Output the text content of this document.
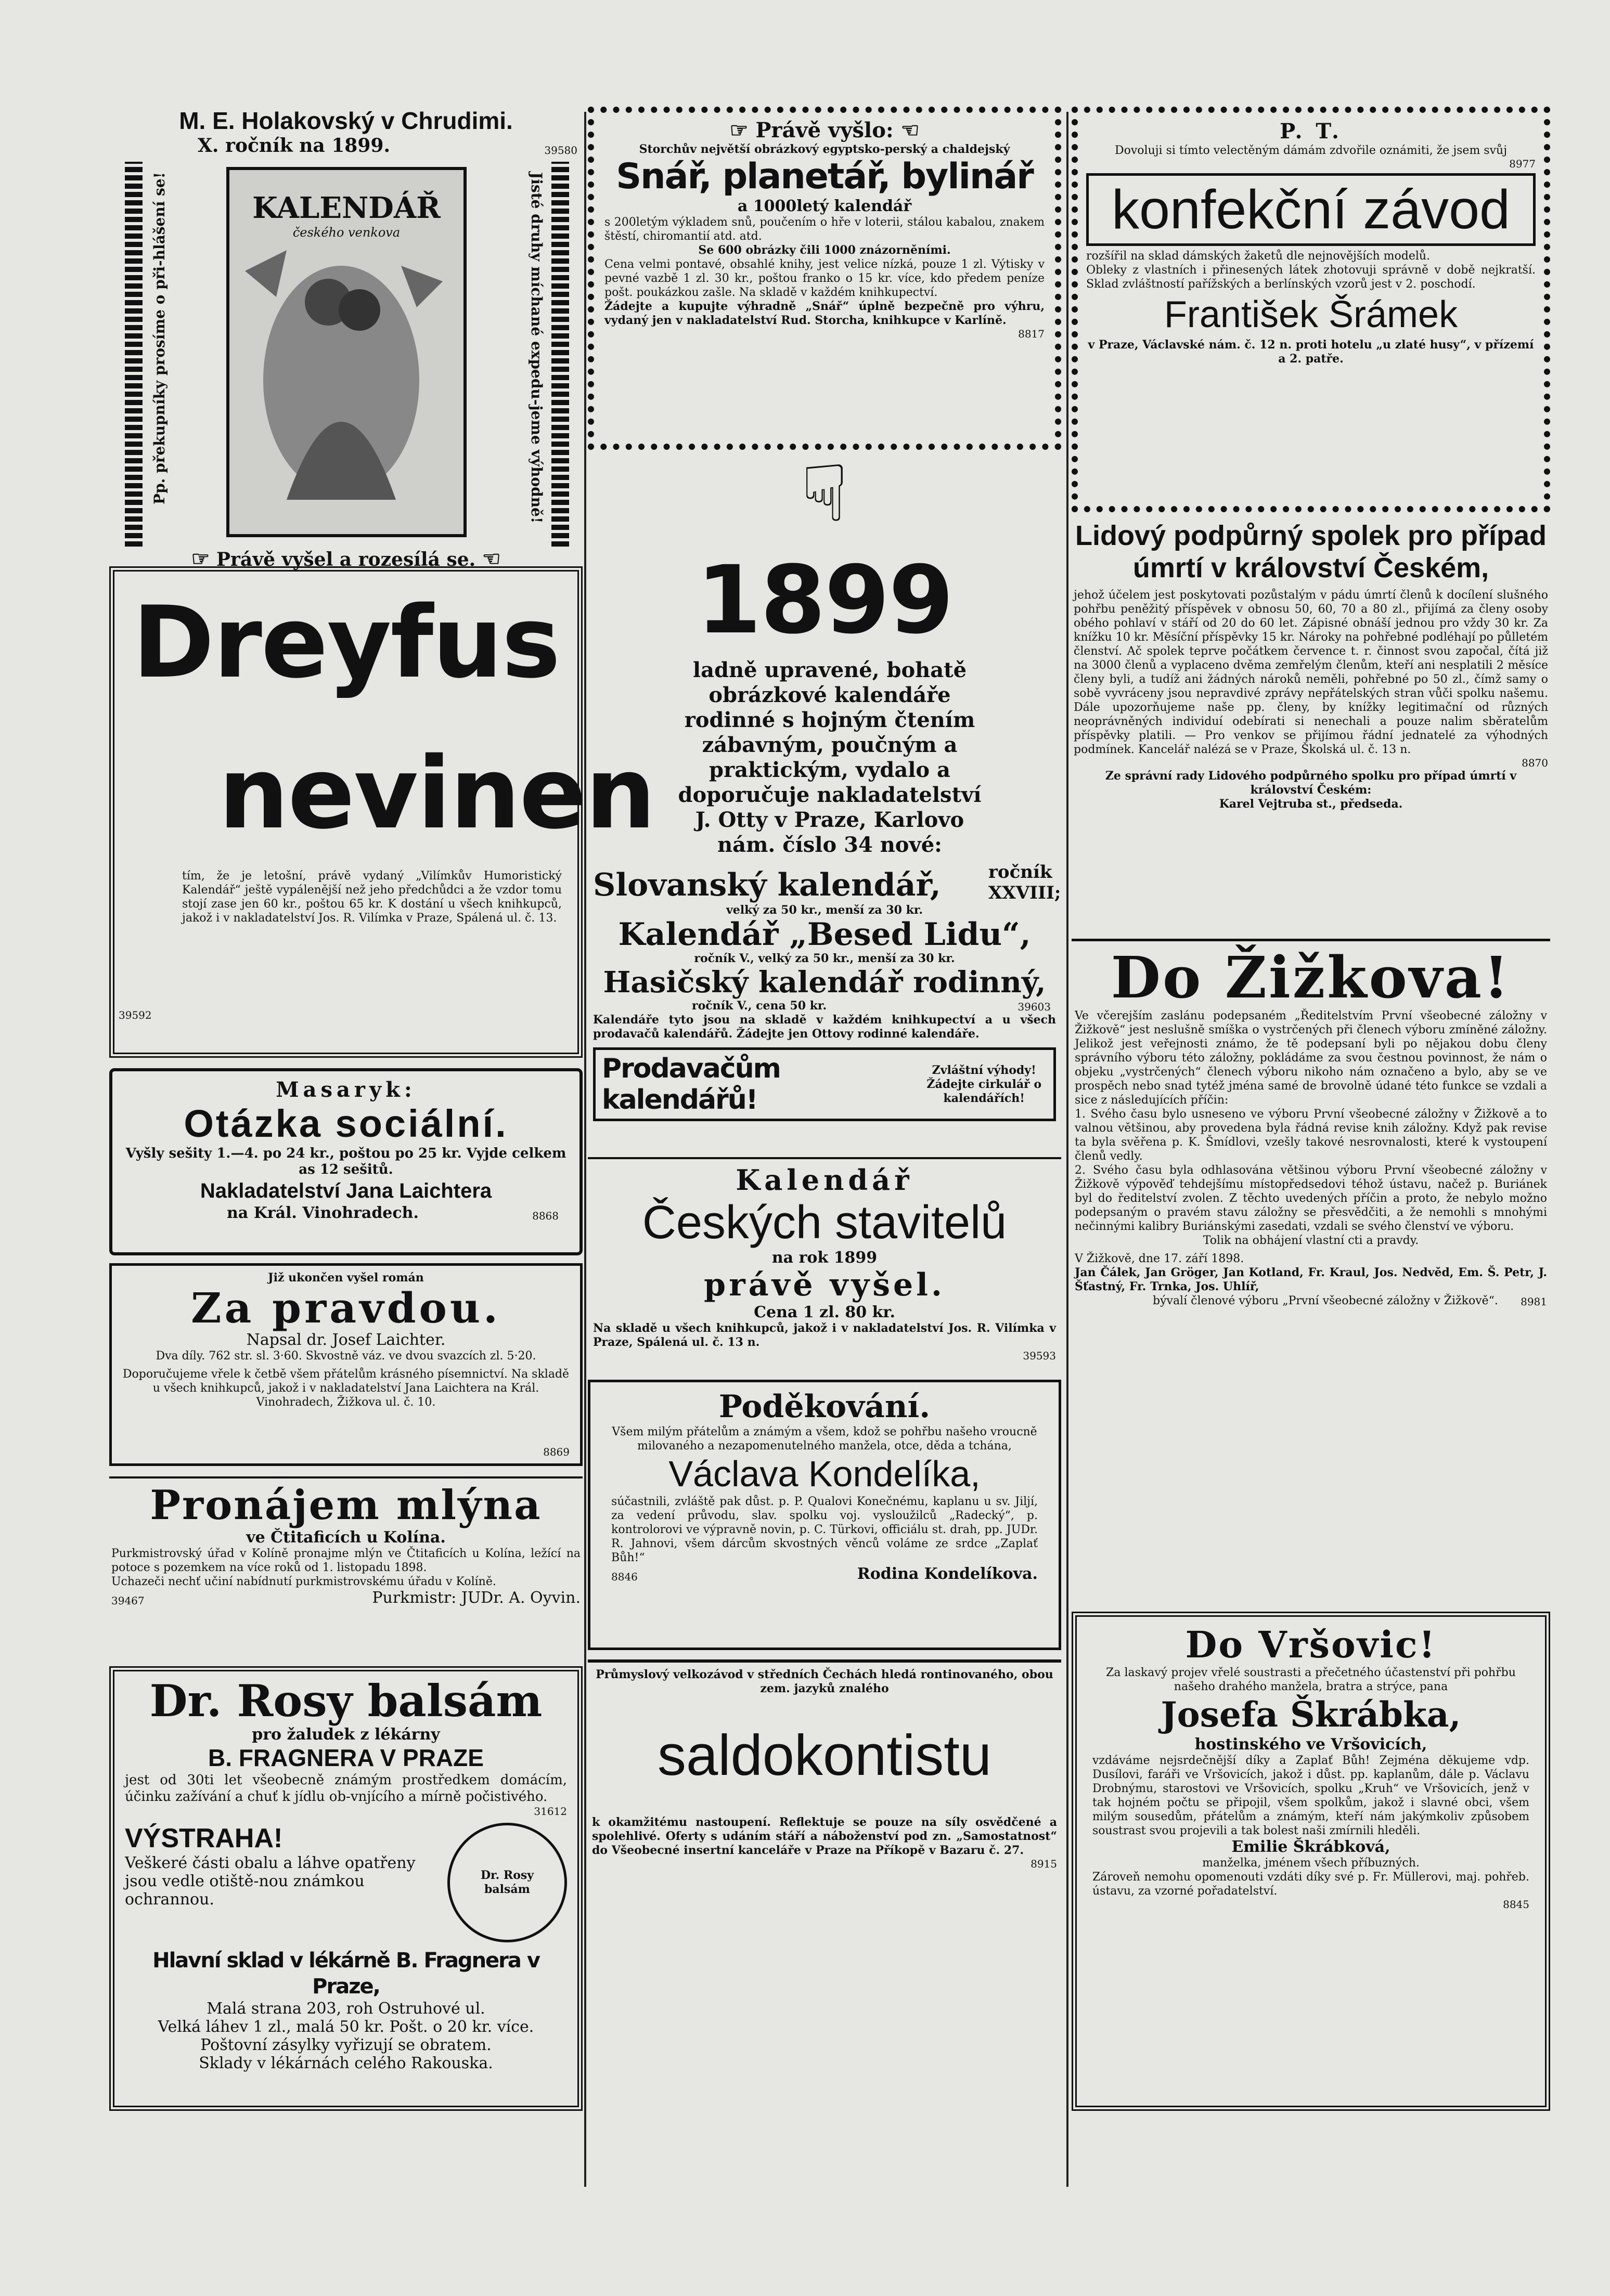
M. E. Holakovský v Chrudimi.
X. ročník na 1899.	39580
Pp. překupníky prosíme o při-hlášení se!	KALENDÁŘ
českého venkova	Jisté druhy míchané expedu-jeme výhodně!
☞ Právě vyšel a rozesílá se. ☜
Dreyfus
nevinen
tím, že je letošní, právě vydaný „Vilímkův Humoristický Kalendář“ ještě vypálenější než jeho předchůdci a že vzdor tomu stojí zase jen 60 kr., poštou 65 kr. K dostání u všech knihkupců, jakož i v nakladatelství Jos. R. Vilímka v Praze, Spálená ul. č. 13.
39592
Masaryk:
Otázka sociální.
Vyšly sešity 1.—4. po 24 kr., poštou po 25 kr. Vyjde celkem as 12 sešitů.
Nakladatelství Jana Laichtera
na Král. Vinohradech.	8868
Již ukončen vyšel román
Za pravdou.
Napsal dr. Josef Laichter.
Dva díly. 762 str. sl. 3·60. Skvostně váz. ve dvou svazcích zl. 5·20.
Doporučujeme vřele k četbě všem přátelům krásného písemnictví. Na skladě u všech knihkupců, jakož i v nakladatelství Jana Laichtera na Král. Vinohradech, Žižkova ul. č. 10.
8869
Pronájem mlýna
ve Čtitaficích u Kolína.
Purkmistrovský úřad v Kolíně pronajme mlýn ve Čtitaficích u Kolína, ležící na potoce s pozemkem na více roků od 1. listopadu 1898.
Uchazeči nechť učiní nabídnutí purkmistrovskému úřadu v Kolíně.
39467	Purkmistr: JUDr. A. Oyvin.
Dr. Rosy balsám
pro žaludek z lékárny
B. FRAGNERA V PRAZE
jest od 30ti let všeobecně známým prostředkem domácím, účinku zažívání a chuť k jídlu ob-vnjícího a mírně počistivého.
31612
VÝSTRAHA!
Veškeré části obalu a láhve opatřeny jsou vedle otiště-nou známkou ochrannou.
Dr. Rosy balsám
Hlavní sklad v lékárně B. Fragnera v Praze,
Malá strana 203, roh Ostruhové ul.
Velká láhev 1 zl., malá 50 kr. Pošt. o 20 kr. více.
Poštovní zásylky vyřizují se obratem.
Sklady v lékárnách celého Rakouska.
☞ Právě vyšlo: ☜
Storchův největší obrázkový egyptsko-perský a chaldejský
Snář, planetář, bylinář
a 1000letý kalendář
s 200letým výkladem snů, poučením o hře v loterii, stálou kabalou, znakem štěstí, chiromantií atd. atd.
Se 600 obrázky čili 1000 znázorněními.
Cena velmi pontavé, obsahlé knihy, jest velice nízká, pouze 1 zl. Výtisky v pevné vazbě 1 zl. 30 kr., poštou franko o 15 kr. více, kdo předem peníze pošt. poukázkou zašle. Na skladě v každém knihkupectví.
Žádejte a kupujte výhradně „Snář“ úplně bezpečně pro výhru, vydaný jen v nakladatelství Rud. Storcha, knihkupce v Karlíně.
8817
☟
1899
ladně upravené, bohatě obrázkové kalendáře rodinné s hojným čtením zábavným, poučným a praktickým, vydalo a doporučuje nakladatelství J. Otty v Praze, Karlovo nám. číslo 34 nové:
Slovanský kalendář,	ročník XXVIII;
velký za 50 kr., menší za 30 kr.
Kalendář „Besed Lidu“,
ročník V., velký za 50 kr., menší za 30 kr.
Hasičský kalendář rodinný,
ročník V., cena 50 kr.	39603
Kalendáře tyto jsou na skladě v každém knihkupectví a u všech prodavačů kalendářů. Žádejte jen Ottovy rodinné kalendáře.
Prodavačům kalendářů!
Zvláštní výhody! Žádejte cirkulář o kalendářích!
Kalendář
Českých stavitelů
na rok 1899
právě vyšel.
Cena 1 zl. 80 kr.
Na skladě u všech knihkupců, jakož i v nakladatelství Jos. R. Vilímka v Praze, Spálená ul. č. 13 n.
39593
Poděkování.
Všem milým přátelům a známým a všem, kdož se pohřbu našeho vroucně milovaného a nezapomenutelného manžela, otce, děda a tchána,
Václava Kondelíka,
súčastnili, zvláště pak důst. p. P. Qualovi Konečnému, kaplanu u sv. Jiljí, za vedení průvodu, slav. spolku voj. vysloužilců „Radecký“, p. kontrolorovi ve výpravně novin, p. C. Türkovi, officiálu st. drah, pp. JUDr. R. Jahnovi, všem dárcům skvostných věnců voláme ze srdce „Zaplať Bůh!“
8846	Rodina Kondelíkova.
Průmyslový velkozávod v středních Čechách hledá rontinovaného, obou zem. jazyků znalého
saldokontistu
k okamžitému nastoupení. Reflektuje se pouze na síly osvědčené a spolehlivé. Oferty s udáním stáří a náboženství pod zn. „Samostatnost“ do Všeobecné insertní kanceláře v Praze na Příkopě v Bazaru č. 27.
8915
P. T.
Dovoluji si tímto velectěným dámám zdvořile oznámiti, že jsem svůj
8977
konfekční závod
rozšířil na sklad dámských žaketů dle nejnovějších modelů.
Obleky z vlastních i přinesených látek zhotovuji správně v době nejkratší. Sklad zvláštností pařížských a berlínských vzorů jest v 2. poschodí.
František Šrámek
v Praze, Václavské nám. č. 12 n. proti hotelu „u zlaté husy“, v přízemí a 2. patře.
Lidový podpůrný spolek pro případ úmrtí v království Českém,
jehož účelem jest poskytovati pozůstalým v pádu úmrtí členů k docílení slušného pohřbu peněžitý příspěvek v obnosu 50, 60, 70 a 80 zl., přijímá za členy osoby obého pohlaví v stáří od 20 do 60 let. Zápisné obnáší jednou pro vždy 30 kr. Za knížku 10 kr. Měsíční příspěvky 15 kr. Nároky na pohřebné podléhají po půlletém členství. Ač spolek teprve počátkem července t. r. činnost svou započal, čítá již na 3000 členů a vyplaceno dvěma zemřelým členům, kteří ani nesplatili 2 měsíce členy byli, a tudíž ani žádných nároků neměli, pohřebné po 50 zl., čímž samy o sobě vyvráceny jsou nepravdivé zprávy nepřátelských stran vůči spolku našemu. Dále upozorňujeme naše pp. členy, by knížky legitimační od různých neoprávněných individuí odebírati si nenechali a pouze nalim sběratelům příspěvky platili. — Pro venkov se přijímou řádní jednatelé za výhodných podmínek. Kancelář nalézá se v Praze, Školská ul. č. 13 n.
8870
Ze správní rady Lidového podpůrného spolku pro případ úmrtí v království Českém:
Karel Vejtruba st., předseda.
Do Žižkova!
Ve včerejším zaslánu podepsaném „Ředitelstvím První všeobecné záložny v Žižkově“ jest neslušně smíška o vystrčených při členech výboru zmíněné záložny. Jelikož jest veřejnosti známo, že tě podepsaní byli po nějakou dobu členy správního výboru této záložny, pokládáme za svou čestnou povinnost, že nám o objeku „vystrčených“ členech výboru nikoho nám označeno a bylo, aby se ve prospěch nebo snad tytéž jména samé de brovolně údané této funkce se vzdali a sice z následujících příčin:
1. Svého času bylo usneseno ve výboru První všeobecné záložny v Žižkově a to valnou většinou, aby provedena byla řádná revise knih záložny. Když pak revise ta byla svěřena p. K. Šmídlovi, vzešly takové nesrovnalosti, které k vystoupení členů vedly.
2. Svého času byla odhlasována většinou výboru První všeobecné záložny v Žižkově výpověď tehdejšímu místopředsedovi téhož ústavu, načež p. Buriánek byl do ředitelství zvolen. Z těchto uvedených příčin a proto, že nebylo možno podepsaným o pravém stavu záložny se přesvědčiti, a že nemohli s mnohými nečinnými kalibry Buriánskými zasedati, vzdali se svého členství ve výboru.
Tolik na obhájení vlastní cti a pravdy.
V Žižkově, dne 17. září 1898.
Jan Čálek, Jan Gröger, Jan Kotland, Fr. Kraul, Jos. Nedvěd, Em. Š. Petr, J. Šťastný, Fr. Trnka, Jos. Uhlíř,
bývalí členové výboru „První všeobecné záložny v Žižkově“. 8981
Do Vršovic!
Za laskavý projev vřelé soustrasti a přečetného účastenství při pohřbu našeho drahého manžela, bratra a strýce, pana
Josefa Škrábka,
hostinského ve Vršovicích,
vzdáváme nejsrdečnější díky a Zaplať Bůh! Zejména děkujeme vdp. Dusílovi, faráři ve Vršovicích, jakož i důst. pp. kaplanům, dále p. Václavu Drobnýmu, starostovi ve Vršovicích, spolku „Kruh“ ve Vršovicích, jenž v tak hojném počtu se připojil, všem spolkům, jakož i slavné obci, všem milým sousedům, přátelům a známým, kteří nám jakýmkoliv způsobem soustrast svou projevili a tak bolest naši zmírnili hleděli.
Emilie Škrábková,
manželka, jménem všech příbuzných.
Zároveň nemohu opomenouti vzdáti díky své p. Fr. Müllerovi, maj. pohřeb. ústavu, za vzorné pořadatelství.
8845
